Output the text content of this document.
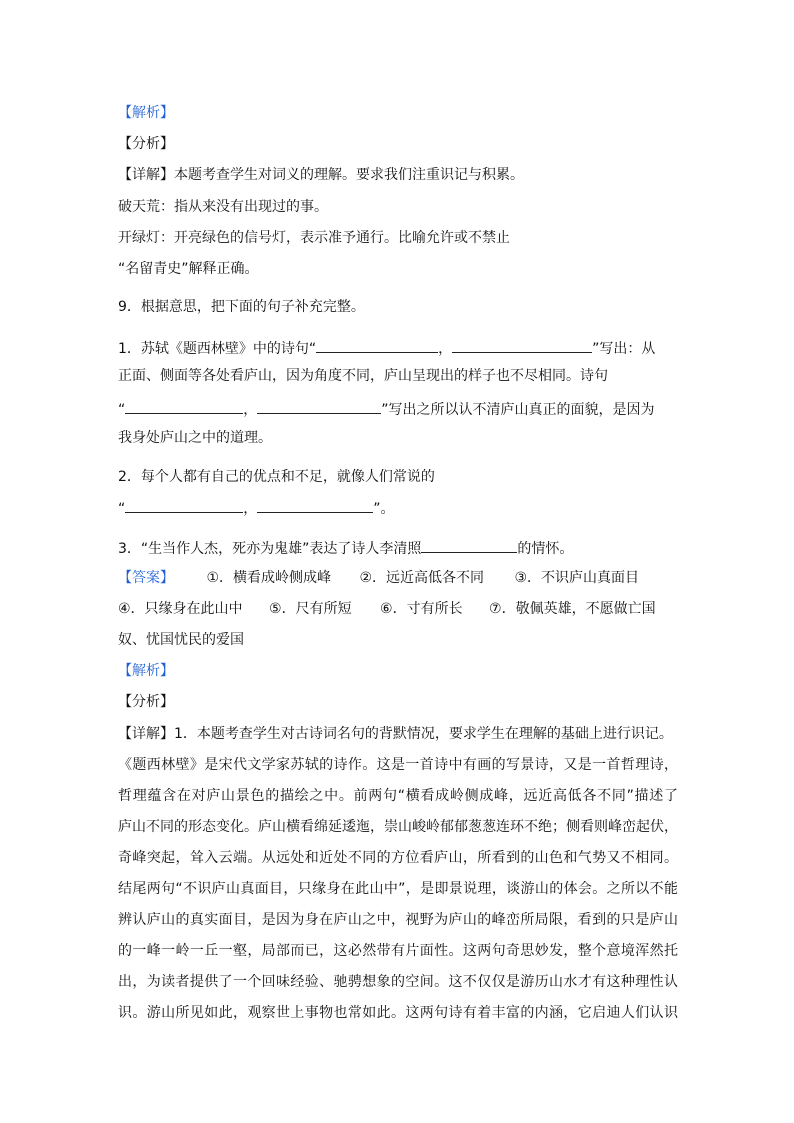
【解析】
【分析】
【详解】本题考查学生对词义的理解。要求我们注重识记与积累。
破天荒：指从来没有出现过的事。
开绿灯：开亮绿色的信号灯，表示准予通行。比喻允许或不禁止
“名留青史”解释正确。
9．根据意思，把下面的句子补充完整。
1．苏轼《题西林壁》中的诗句“	，	”写出：从
正面、侧面等各处看庐山，因为角度不同，庐山呈现出的样子也不尽相同。诗句
“	，	”写出之所以认不清庐山真正的面貌，是因为
我身处庐山之中的道理。
2．每个人都有自己的优点和不足，就像人们常说的
“	，	”。
3．“生当作人杰，死亦为鬼雄”表达了诗人李清照	的情怀。
【答案】 ①．横看成岭侧成峰 ②．远近高低各不同 ③．不识庐山真面目
④．只缘身在此山中 ⑤．尺有所短 ⑥．寸有所长 ⑦．敬佩英雄，不愿做亡国
奴、忧国忧民的爱国
【解析】
【分析】
【详解】1．本题考查学生对古诗词名句的背默情况，要求学生在理解的基础上进行识记。
《题西林壁》是宋代文学家苏轼的诗作。这是一首诗中有画的写景诗，又是一首哲理诗，
哲理蕴含在对庐山景色的描绘之中。前两句“横看成岭侧成峰，远近高低各不同”描述了
庐山不同的形态变化。庐山横看绵延逶迤，崇山峻岭郁郁葱葱连环不绝；侧看则峰峦起伏，
奇峰突起，耸入云端。从远处和近处不同的方位看庐山，所看到的山色和气势又不相同。
结尾两句“不识庐山真面目，只缘身在此山中”，是即景说理，谈游山的体会。之所以不能
辨认庐山的真实面目，是因为身在庐山之中，视野为庐山的峰峦所局限，看到的只是庐山
的一峰一岭一丘一壑，局部而已，这必然带有片面性。这两句奇思妙发，整个意境浑然托
出，为读者提供了一个回味经验、驰骋想象的空间。这不仅仅是游历山水才有这种理性认
识。游山所见如此，观察世上事物也常如此。这两句诗有着丰富的内涵，它启迪人们认识
